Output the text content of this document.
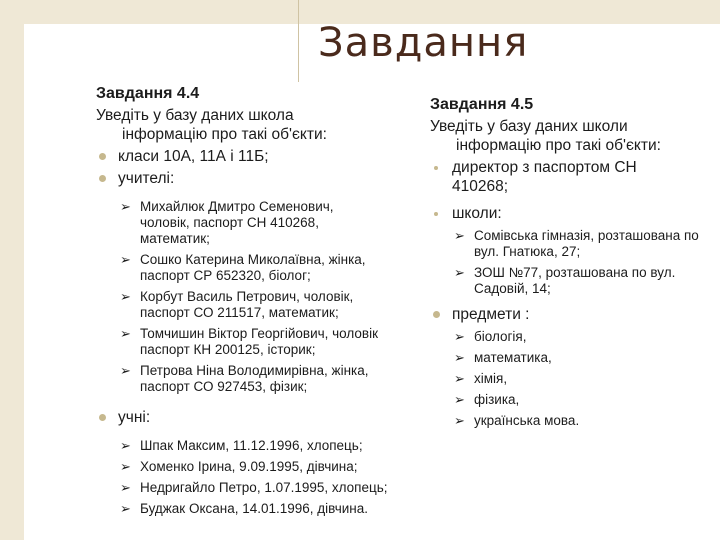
Завдання
Завдання 4.4
Уведіть у базу даних школа
інформацію про такі об'єкти:
класи 10А, 11А і 11Б;
учителі:
➢ Михайлюк Дмитро Семенович,
чоловік, паспорт СН 410268,
математик;
➢ Сошко Катерина Миколаївна, жінка,
паспорт СР 652320, біолог;
➢ Корбут Василь Петрович, чоловік,
паспорт СО 211517, математик;
➢ Томчишин Віктор Георгійович, чоловік
паспорт КН 200125, історик;
➢ Петрова Ніна Володимирівна, жінка,
паспорт СО 927453, фізик;
учні:
➢ Шпак Максим, 11.12.1996, хлопець;
➢ Хоменко Ірина, 9.09.1995, дівчина;
➢ Недригайло Петро, 1.07.1995, хлопець;
➢ Буджак Оксана, 14.01.1996, дівчина.
Завдання 4.5
Уведіть у базу даних школи
інформацію про такі об'єкти:
директор з паспортом СН
410268;
школи:
➢ Сомівська гімназія, розташована по
вул. Гнатюка, 27;
➢ ЗОШ №77, розташована по вул.
Садовій, 14;
предмети :
➢ біологія,
➢ математика,
➢ хімія,
➢ фізика,
➢ українська мова.
